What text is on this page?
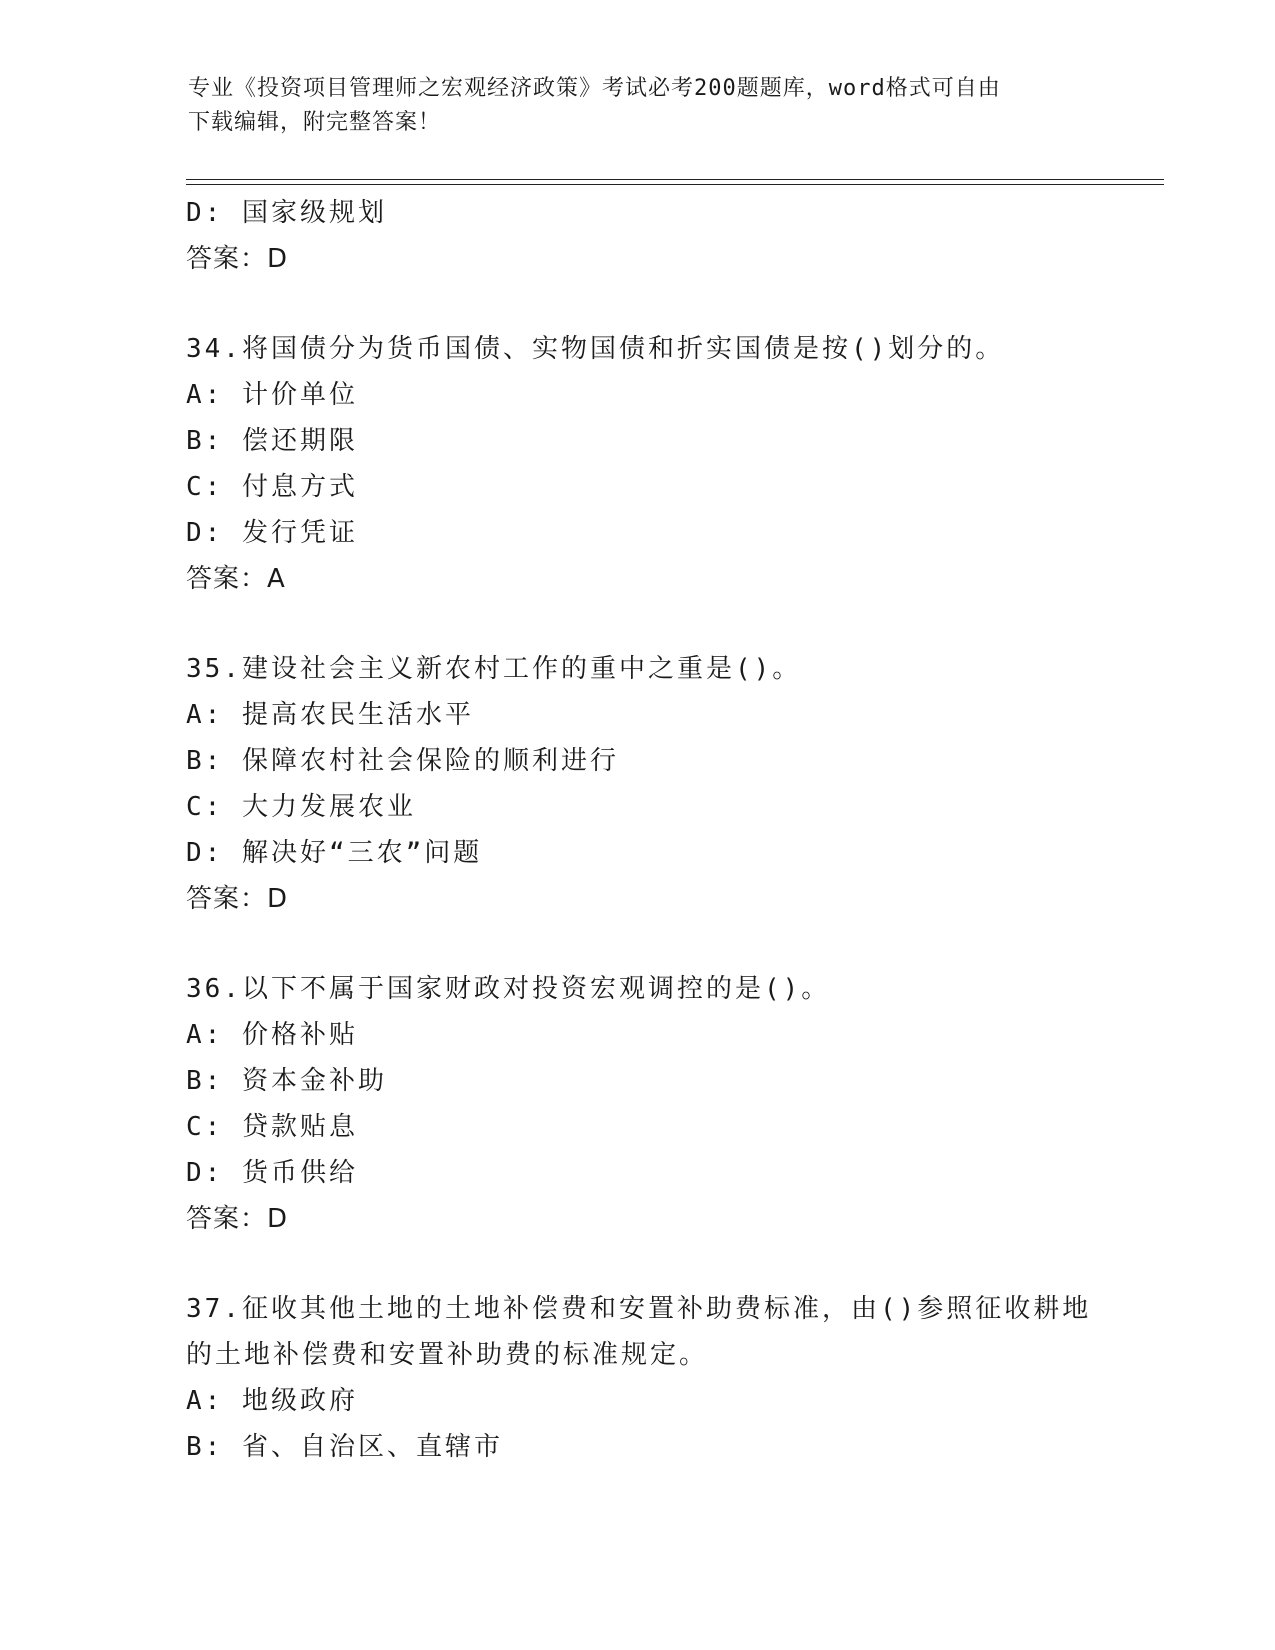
专业《投资项目管理师之宏观经济政策》考试必考200题题库，word格式可自由
下载编辑，附完整答案！
D: 国家级规划
答案：D
34.将国债分为货币国债、实物国债和折实国债是按()划分的。
A: 计价单位
B: 偿还期限
C: 付息方式
D: 发行凭证
答案：A
35.建设社会主义新农村工作的重中之重是()。
A: 提高农民生活水平
B: 保障农村社会保险的顺利进行
C: 大力发展农业
D: 解决好“三农”问题
答案：D
36.以下不属于国家财政对投资宏观调控的是()。
A: 价格补贴
B: 资本金补助
C: 贷款贴息
D: 货币供给
答案：D
37.征收其他土地的土地补偿费和安置补助费标准，由()参照征收耕地
的土地补偿费和安置补助费的标准规定。
A: 地级政府
B: 省、自治区、直辖市
